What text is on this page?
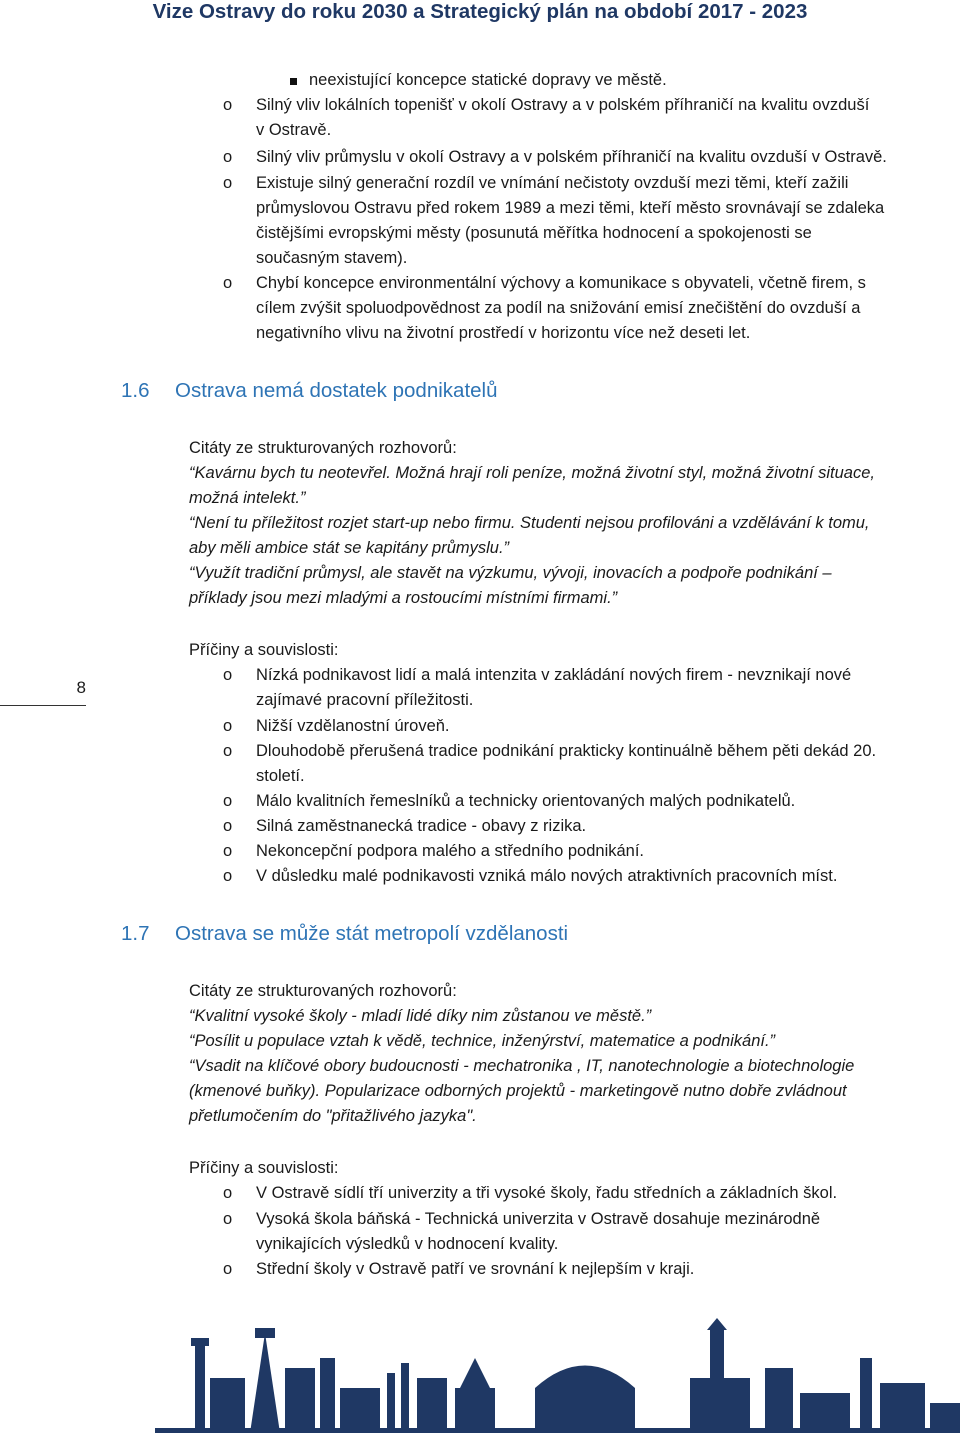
Vize Ostravy do roku 2030 a Strategický plán na období 2017 - 2023
neexistující koncepce statické dopravy ve městě.
o Silný vliv lokálních topenišť v okolí Ostravy a v polském příhraničí na kvalitu ovzduší
v Ostravě.
o Silný vliv průmyslu v okolí Ostravy a v polském příhraničí na kvalitu ovzduší v Ostravě.
o Existuje silný generační rozdíl ve vnímání nečistoty ovzduší mezi těmi, kteří zažili
průmyslovou Ostravu před rokem 1989 a mezi těmi, kteří město srovnávají se zdaleka
čistějšími evropskými městy (posunutá měřítka hodnocení a spokojenosti se
současným stavem).
o Chybí koncepce environmentální výchovy a komunikace s obyvateli, včetně firem, s
cílem zvýšit spoluodpovědnost za podíl na snižování emisí znečištění do ovzduší a
negativního vlivu na životní prostředí v horizontu více než deseti let.
1.6 Ostrava nemá dostatek podnikatelů
Citáty ze strukturovaných rozhovorů:
“Kavárnu bych tu neotevřel. Možná hrají roli peníze, možná životní styl, možná životní situace,
možná intelekt.”
“Není tu příležitost rozjet start-up nebo firmu. Studenti nejsou profilováni a vzdělávání k tomu,
aby měli ambice stát se kapitány průmyslu.”
“Využít tradiční průmysl, ale stavět na výzkumu, vývoji, inovacích a podpoře podnikání –
příklady jsou mezi mladými a rostoucími místními firmami.”
Příčiny a souvislosti:
o Nízká podnikavost lidí a malá intenzita v zakládání nových firem - nevznikají nové
zajímavé pracovní příležitosti.
o Nižší vzdělanostní úroveň.
o Dlouhodobě přerušená tradice podnikání prakticky kontinuálně během pěti dekád 20.
století.
o Málo kvalitních řemeslníků a technicky orientovaných malých podnikatelů.
o Silná zaměstnanecká tradice - obavy z rizika.
o Nekoncepční podpora malého a středního podnikání.
o V důsledku malé podnikavosti vzniká málo nových atraktivních pracovních míst.
8
1.7 Ostrava se může stát metropolí vzdělanosti
Citáty ze strukturovaných rozhovorů:
“Kvalitní vysoké školy - mladí lidé díky nim zůstanou ve městě.”
“Posílit u populace vztah k vědě, technice, inženýrství, matematice a podnikání.”
“Vsadit na klíčové obory budoucnosti - mechatronika , IT, nanotechnologie a biotechnologie
(kmenové buňky). Popularizace odborných projektů - marketingově nutno dobře zvládnout
přetlumočením do "přitažlivého jazyka".
Příčiny a souvislosti:
o V Ostravě sídlí tří univerzity a tři vysoké školy, řadu středních a základních škol.
o Vysoká škola báňská - Technická univerzita v Ostravě dosahuje mezinárodně
vynikajících výsledků v hodnocení kvality.
o Střední školy v Ostravě patří ve srovnání k nejlepším v kraji.
